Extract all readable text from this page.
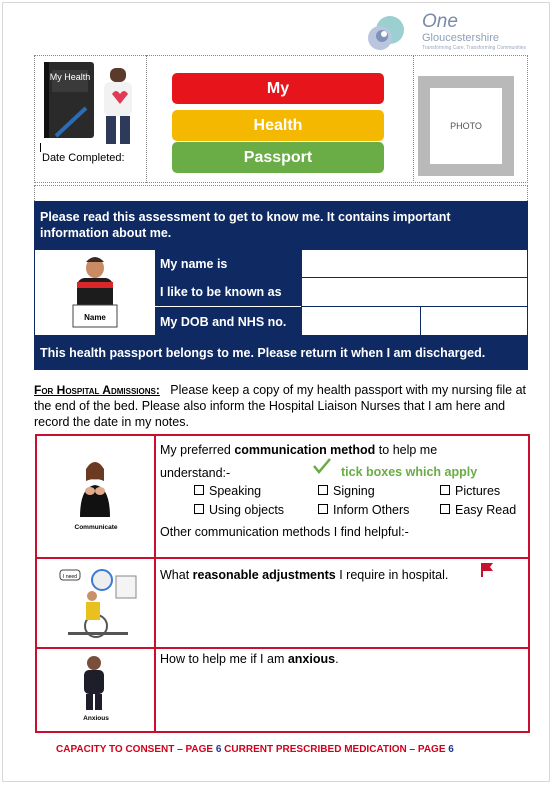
One
Gloucestershire
Transforming Care, Transforming Communities
My Health
Date Completed:
My
Health
Passport
PHOTO
Please read this assessment to get to know me. It contains important information about me.
Name
My name is
I like to be known as
My DOB and NHS no.
This health passport belongs to me. Please return it when I am discharged.
For Hospital Admissions: Please keep a copy of my health passport with my nursing file at the end of the bed. Please also inform the Hospital Liaison Nurses that I am here and record the date in my notes.
Communicate
My preferred communication method to help me
understand:-	tick boxes which apply
Speaking	Signing	Pictures
Using objects	Inform Others	Easy Read
Other communication methods I find helpful:-
I need	What reasonable adjustments I require in hospital.
Anxious
How to help me if I am anxious.
CAPACITY TO CONSENT – PAGE 6 CURRENT PRESCRIBED MEDICATION – PAGE 6
